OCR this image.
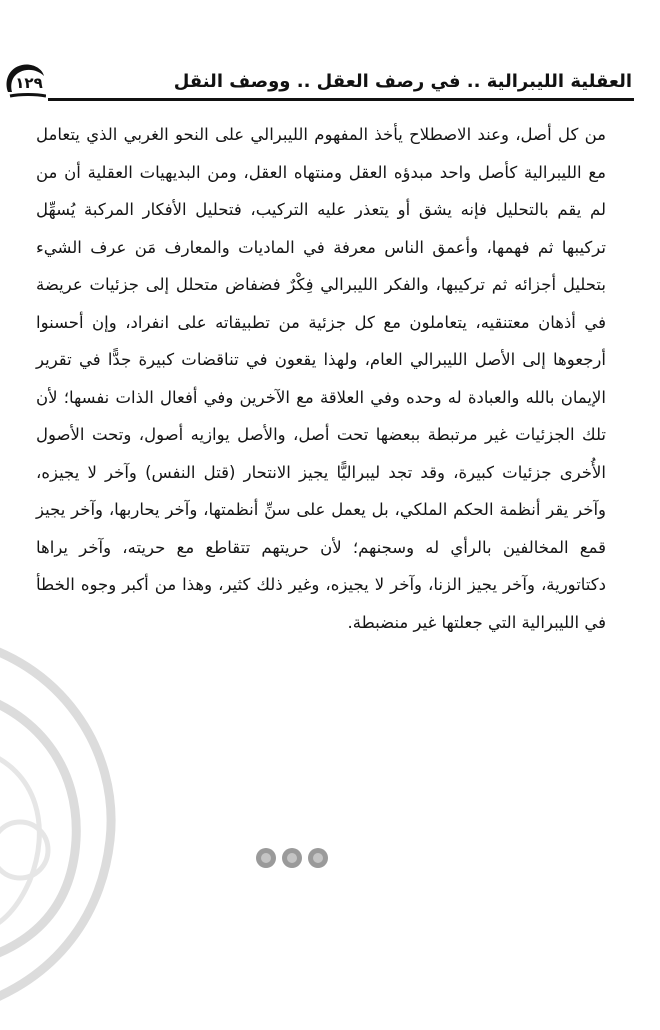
١٢٩	العقلية الليبرالية .. في رصف العقل .. ووصف النقل

من كل أصل، وعند الاصطلاح يأخذ المفهوم الليبرالي على النحو الغربي الذي يتعامل مع الليبرالية كأصل واحد مبدؤه العقل ومنتهاه العقل، ومن البديهيات العقلية أن من لم يقم بالتحليل فإنه يشق أو يتعذر عليه التركيب، فتحليل الأفكار المركبة يُسهِّل تركيبها ثم فهمها، وأعمق الناس معرفة في الماديات والمعارف مَن عرف الشيء بتحليل أجزائه ثم تركيبها، والفكر الليبرالي فِكْرٌ فضفاض متحلل إلى جزئيات عريضة في أذهان معتنقيه، يتعاملون مع كل جزئية من تطبيقاته على انفراد، وإن أحسنوا أرجعوها إلى الأصل الليبرالي العام، ولهذا يقعون في تناقضات كبيرة جدًّا في تقرير الإيمان بالله والعبادة له وحده وفي العلاقة مع الآخرين وفي أفعال الذات نفسها؛ لأن تلك الجزئيات غير مرتبطة ببعضها تحت أصل، والأصل يوازيه أصول، وتحت الأصول الأُخرى جزئيات كبيرة، وقد تجد ليبراليًّا يجيز الانتحار (قتل النفس) وآخر لا يجيزه، وآخر يقر أنظمة الحكم الملكي، بل يعمل على سنِّ أنظمتها، وآخر يحاربها، وآخر يجيز قمع المخالفين بالرأي له وسجنهم؛ لأن حريتهم تتقاطع مع حريته، وآخر يراها دكتاتورية، وآخر يجيز الزنا، وآخر لا يجيزه، وغير ذلك كثير، وهذا من أكبر وجوه الخطأ في الليبرالية التي جعلتها غير منضبطة.
